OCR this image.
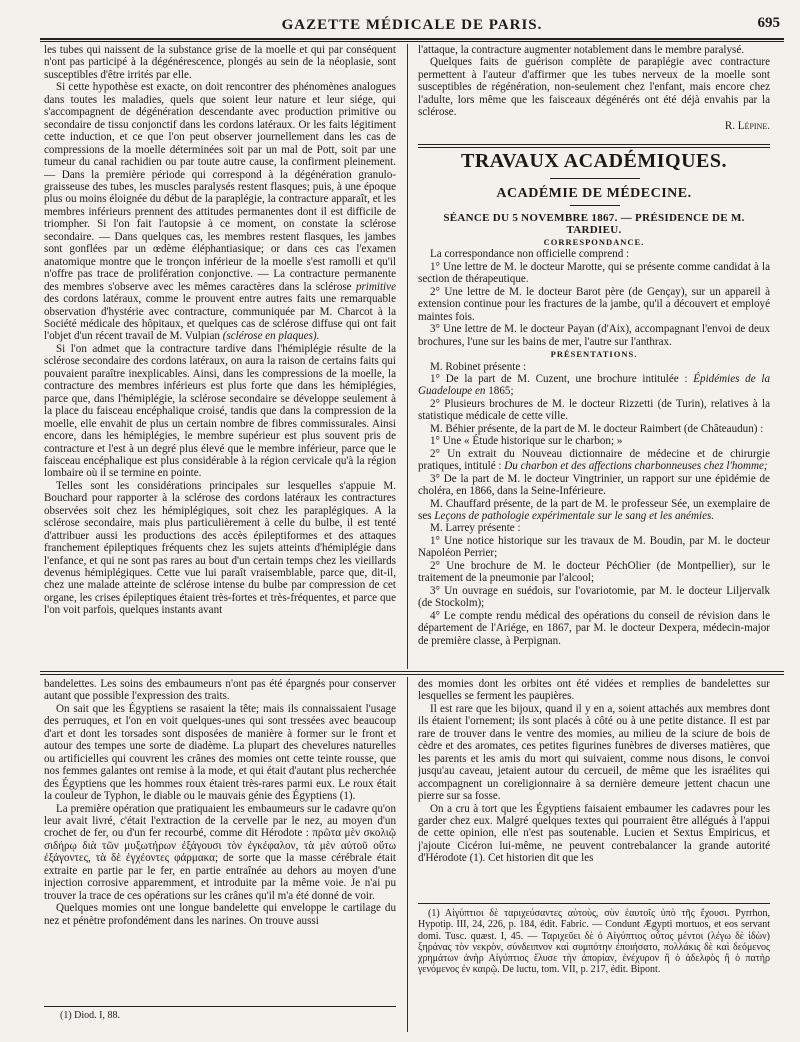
GAZETTE MÉDICALE DE PARIS.	695

les tubes qui naissent de la substance grise de la moelle et qui par conséquent n'ont pas participé à la dégénérescence, plongés au sein de la néoplasie, sont susceptibles d'être irrités par elle.

Si cette hypothèse est exacte, on doit rencontrer des phénomènes analogues dans toutes les maladies, quels que soient leur nature et leur siége, qui s'accompagnent de dégénération descendante avec production primitive ou secondaire de tissu conjonctif dans les cordons latéraux. Or les faits légitiment cette induction, et ce que l'on peut observer journellement dans les cas de compressions de la moelle déterminées soit par un mal de Pott, soit par une tumeur du canal rachidien ou par toute autre cause, la confirment pleinement. — Dans la première période qui correspond à la dégénération granulo-graisseuse des tubes, les muscles paralysés restent flasques; puis, à une époque plus ou moins éloignée du début de la paraplégie, la contracture apparaît, et les membres inférieurs prennent des attitudes permanentes dont il est difficile de triompher. Si l'on fait l'autopsie à ce moment, on constate la sclérose secondaire. — Dans quelques cas, les membres restent flasques, les jambes sont gonflées par un œdème éléphantiasique; or dans ces cas l'examen anatomique montre que le tronçon inférieur de la moelle s'est ramolli et qu'il n'offre pas trace de prolifération conjonctive. — La contracture permanente des membres s'observe avec les mêmes caractères dans la sclérose primitive des cordons latéraux, comme le prouvent entre autres faits une remarquable observation d'hystérie avec contracture, communiquée par M. Charcot à la Société médicale des hôpitaux, et quelques cas de sclérose diffuse qui ont fait l'objet d'un récent travail de M. Vulpian (sclérose en plaques).

Si l'on admet que la contracture tardive dans l'hémiplégie résulte de la sclérose secondaire des cordons latéraux, on aura la raison de certains faits qui pouvaient paraître inexplicables. Ainsi, dans les compressions de la moelle, la contracture des membres inférieurs est plus forte que dans les hémiplégies, parce que, dans l'hémiplégie, la sclérose secondaire se développe seulement à la place du faisceau encéphalique croisé, tandis que dans la compression de la moelle, elle envahit de plus un certain nombre de fibres commissurales. Ainsi encore, dans les hémiplégies, le membre supérieur est plus souvent pris de contracture et l'est à un degré plus élevé que le membre inférieur, parce que le faisceau encéphalique est plus considérable à la région cervicale qu'à la région lombaire où il se termine en pointe.

Telles sont les considérations principales sur lesquelles s'appuie M. Bouchard pour rapporter à la sclérose des cordons latéraux les contractures observées soit chez les hémiplégiques, soit chez les paraplégiques. A la sclérose secondaire, mais plus particulièrement à celle du bulbe, il est tenté d'attribuer aussi les productions des accès épileptiformes et des attaques franchement épileptiques fréquents chez les sujets atteints d'hémiplégie dans l'enfance, et qui ne sont pas rares au bout d'un certain temps chez les vieillards devenus hémiplégiques. Cette vue lui paraît vraisemblable, parce que, dit-il, chez une malade atteinte de sclérose intense du bulbe par compression de cet organe, les crises épileptiques étaient très-fortes et très-fréquentes, et parce que l'on voit parfois, quelques instants avant

l'attaque, la contracture augmenter notablement dans le membre paralysé.

Quelques faits de guérison complète de paraplégie avec contracture permettent à l'auteur d'affirmer que les tubes nerveux de la moelle sont susceptibles de régénération, non-seulement chez l'enfant, mais encore chez l'adulte, lors même que les faisceaux dégénérés ont été déjà envahis par la sclérose.

R. Lépine.
TRAVAUX ACADÉMIQUES.
ACADÉMIE DE MÉDECINE.
SÉANCE DU 5 NOVEMBRE 1867. — PRÉSIDENCE DE M. TARDIEU.

CORRESPONDANCE.

La correspondance non officielle comprend :

1° Une lettre de M. le docteur Marotte, qui se présente comme candidat à la section de thérapeutique.

2° Une lettre de M. le docteur Barot père (de Gençay), sur un appareil à extension continue pour les fractures de la jambe, qu'il a découvert et employé maintes fois.

3° Une lettre de M. le docteur Payan (d'Aix), accompagnant l'envoi de deux brochures, l'une sur les bains de mer, l'autre sur l'anthrax.

PRÉSENTATIONS.

M. Robinet présente :

1° De la part de M. Cuzent, une brochure intitulée : Épidémies de la Guadeloupe en 1865;

2° Plusieurs brochures de M. le docteur Rizzetti (de Turin), relatives à la statistique médicale de cette ville.

M. Béhier présente, de la part de M. le docteur Raimbert (de Châteaudun) :

1° Une « Étude historique sur le charbon; »

2° Un extrait du Nouveau dictionnaire de médecine et de chirurgie pratiques, intitulé : Du charbon et des affections charbonneuses chez l'homme;

3° De la part de M. le docteur Vingtrinier, un rapport sur une épidémie de choléra, en 1866, dans la Seine-Inférieure.

M. Chauffard présente, de la part de M. le professeur Sée, un exemplaire de ses Leçons de pathologie expérimentale sur le sang et les anémies.

M. Larrey présente :

1° Une notice historique sur les travaux de M. Boudin, par M. le docteur Napoléon Perrier;

2° Une brochure de M. le docteur PéchOlier (de Montpellier), sur le traitement de la pneumonie par l'alcool;

3° Un ouvrage en suédois, sur l'ovariotomie, par M. le docteur Liljervalk (de Stockolm);

4° Le compte rendu médical des opérations du conseil de révision dans le département de l'Ariége, en 1867, par M. le docteur Dexpera, médecin-major de première classe, à Perpignan.

bandelettes. Les soins des embaumeurs n'ont pas été épargnés pour conserver autant que possible l'expression des traits.

On sait que les Égyptiens se rasaient la tête; mais ils connaissaient l'usage des perruques, et l'on en voit quelques-unes qui sont tressées avec beaucoup d'art et dont les torsades sont disposées de manière à former sur le front et autour des tempes une sorte de diadème. La plupart des chevelures naturelles ou artificielles qui couvrent les crânes des momies ont cette teinte rousse, que nos femmes galantes ont remise à la mode, et qui était d'autant plus recherchée des Égyptiens que les hommes roux étaient très-rares parmi eux. Le roux était la couleur de Typhon, le diable ou le mauvais génie des Égyptiens (1).

La première opération que pratiquaient les embaumeurs sur le cadavre qu'on leur avait livré, c'était l'extraction de la cervelle par le nez, au moyen d'un crochet de fer, ou d'un fer recourbé, comme dit Hérodote : πρῶτα μὲν σκολιῷ σιδήρῳ διὰ τῶν μυξωτήρων ἐξάγουσι τὸν ἐγκέφαλον, τὰ μὲν αὐτοῦ οὕτω ἐξάγοντες, τὰ δὲ ἐγχέοντες φάρμακα; de sorte que la masse cérébrale était extraite en partie par le fer, en partie entraînée au dehors au moyen d'une injection corrosive apparemment, et introduite par la même voie. Je n'ai pu trouver la trace de ces opérations sur les crânes qu'il m'a été donné de voir.

Quelques momies ont une longue bandelette qui enveloppe le cartilage du nez et pénètre profondément dans les narines. On trouve aussi

(1) Diod. I, 88.

des momies dont les orbites ont été vidées et remplies de bandelettes sur lesquelles se ferment les paupières.

Il est rare que les bijoux, quand il y en a, soient attachés aux membres dont ils étaient l'ornement; ils sont placés à côté ou à une petite distance. Il est par rare de trouver dans le ventre des momies, au milieu de la sciure de bois de cèdre et des aromates, ces petites figurines funèbres de diverses matières, que les parents et les amis du mort qui suivaient, comme nous disons, le convoi jusqu'au caveau, jetaient autour du cercueil, de même que les israélites qui accompagnent un coreligionnaire à sa dernière demeure jettent chacun une pierre sur sa fosse.

On a cru à tort que les Égyptiens faisaient embaumer les cadavres pour les garder chez eux. Malgré quelques textes qui pourraient être allégués à l'appui de cette opinion, elle n'est pas soutenable. Lucien et Sextus Empiricus, et j'ajoute Cicéron lui-même, ne peuvent contrebalancer la grande autorité d'Hérodote (1). Cet historien dit que les

(1) Αἰγύπτιοι δὲ ταριχεύσαντες αὐτοὺς, σὺν ἑαυτοῖς ὑπὸ τῆς ἔχουσι. Pyrrhon, Hypotip. III, 24, 226, p. 184, édit. Fabric. — Condunt Ægypti mortuos, et eos servant domi. Tusc. quæst. I, 45. — Ταριχεῦει δὲ ὁ Αἰγύπτιος οὗτος μέντοι (λέγω δὲ ἰδὼν) ξηράνας τὸν νεκρὸν, σύνδειπνον καὶ συμπότην ἐποιήσατο, πολλάκις δὲ καὶ δεόμενος χρημάτων ἀνὴρ Αἰγύπτιος ἔλυσε τὴν ἀπορίαν, ἐνέχυρον ἢ ὁ ἀδελφὸς ἢ ὁ πατὴρ γενόμενος ἐν καιρῷ. De luctu, tom. VII, p. 217, édit. Bipont.
